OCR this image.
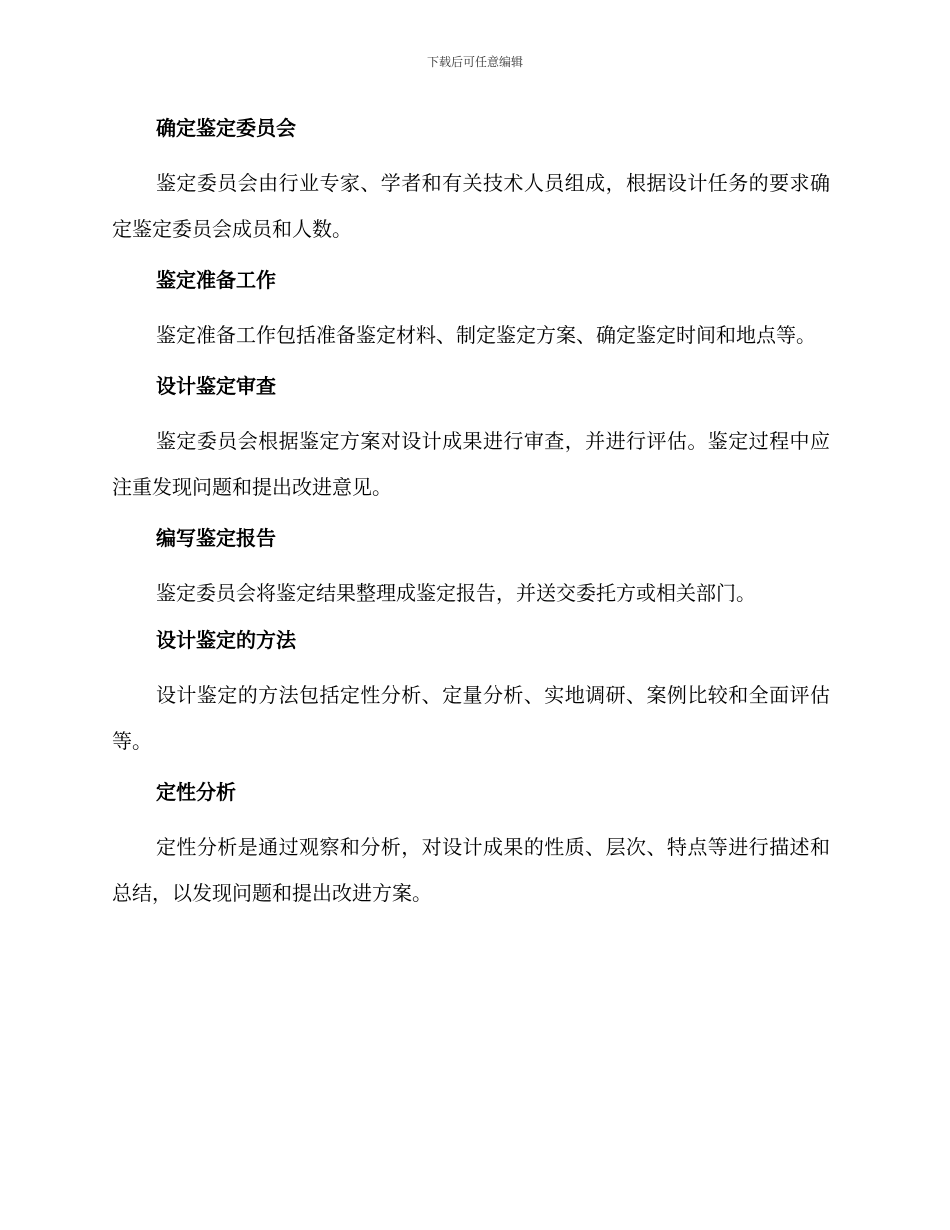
下载后可任意编辑
确定鉴定委员会

鉴定委员会由行业专家、学者和有关技术人员组成，根据设计任务的要求确定鉴定委员会成员和人数。

鉴定准备工作

鉴定准备工作包括准备鉴定材料、制定鉴定方案、确定鉴定时间和地点等。

设计鉴定审查

鉴定委员会根据鉴定方案对设计成果进行审查，并进行评估。鉴定过程中应注重发现问题和提出改进意见。

编写鉴定报告

鉴定委员会将鉴定结果整理成鉴定报告，并送交委托方或相关部门。

设计鉴定的方法

设计鉴定的方法包括定性分析、定量分析、实地调研、案例比较和全面评估等。

定性分析

定性分析是通过观察和分析，对设计成果的性质、层次、特点等进行描述和总结，以发现问题和提出改进方案。
